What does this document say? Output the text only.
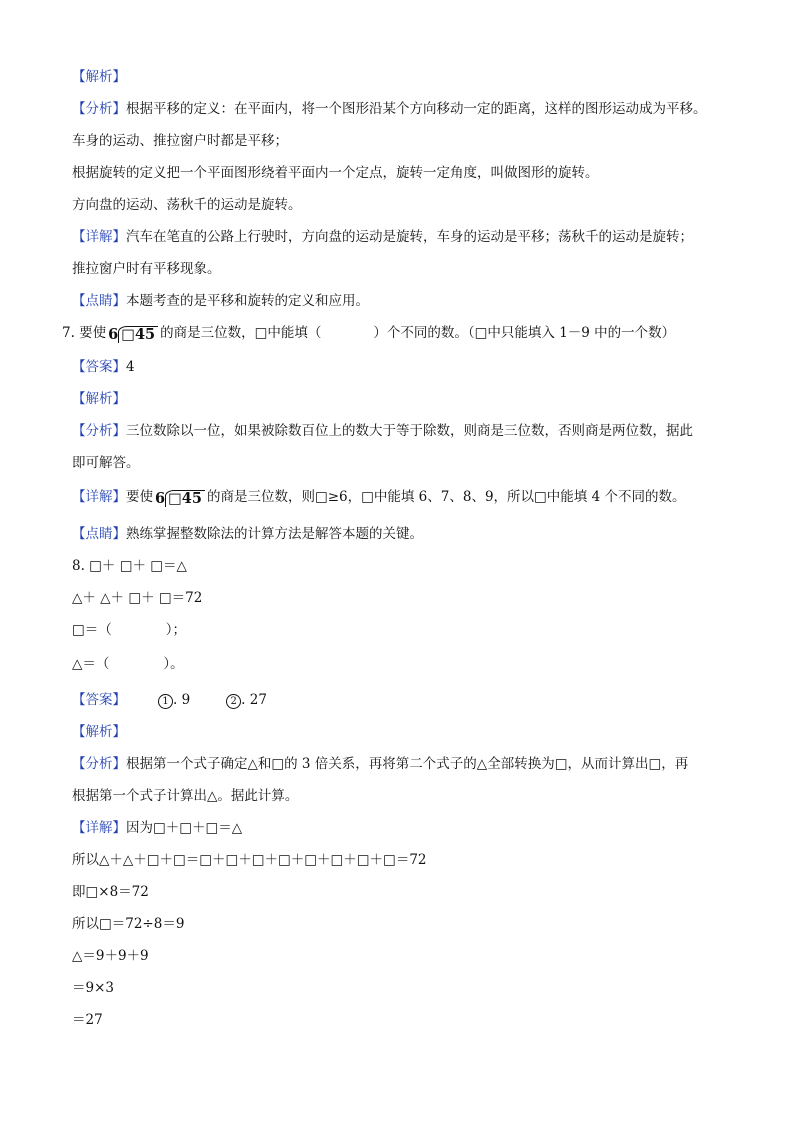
【解析】
【分析】根据平移的定义：在平面内，将一个图形沿某个方向移动一定的距离，这样的图形运动成为平移。
车身的运动、推拉窗户时都是平移；
根据旋转的定义把一个平面图形绕着平面内一个定点，旋转一定角度，叫做图形的旋转。
方向盘的运动、荡秋千的运动是旋转。
【详解】汽车在笔直的公路上行驶时，方向盘的运动是旋转，车身的运动是平移；荡秋千的运动是旋转；
推拉窗户时有平移现象。
【点睛】本题考查的是平移和旋转的定义和应用。
7. 要使 6 □45 的商是三位数，□中能填（	）个不同的数。（□中只能填入 1－9 中的一个数）
【答案】4
【解析】
【分析】三位数除以一位，如果被除数百位上的数大于等于除数，则商是三位数，否则商是两位数，据此
即可解答。
【详解】要使 6 □45 的商是三位数，则□≥6，□中能填 6、7、8、9，所以□中能填 4 个不同的数。
【点睛】熟练掌握整数除法的计算方法是解答本题的关键。
8. □＋ □＋ □＝△
△＋ △＋ □＋ □＝72
□＝（　　　　）；
△＝（　　　　）。
【答案】	1 . 9	2 . 27
【解析】
【分析】根据第一个式子确定△和□的 3 倍关系，再将第二个式子的△全部转换为□，从而计算出□，再
根据第一个式子计算出△。据此计算。
【详解】因为□＋□＋□＝△
所以△＋△＋□＋□＝□＋□＋□＋□＋□＋□＋□＋□＝72
即□×8＝72
所以□＝72÷8＝9
△＝9＋9＋9
＝9×3
＝27
